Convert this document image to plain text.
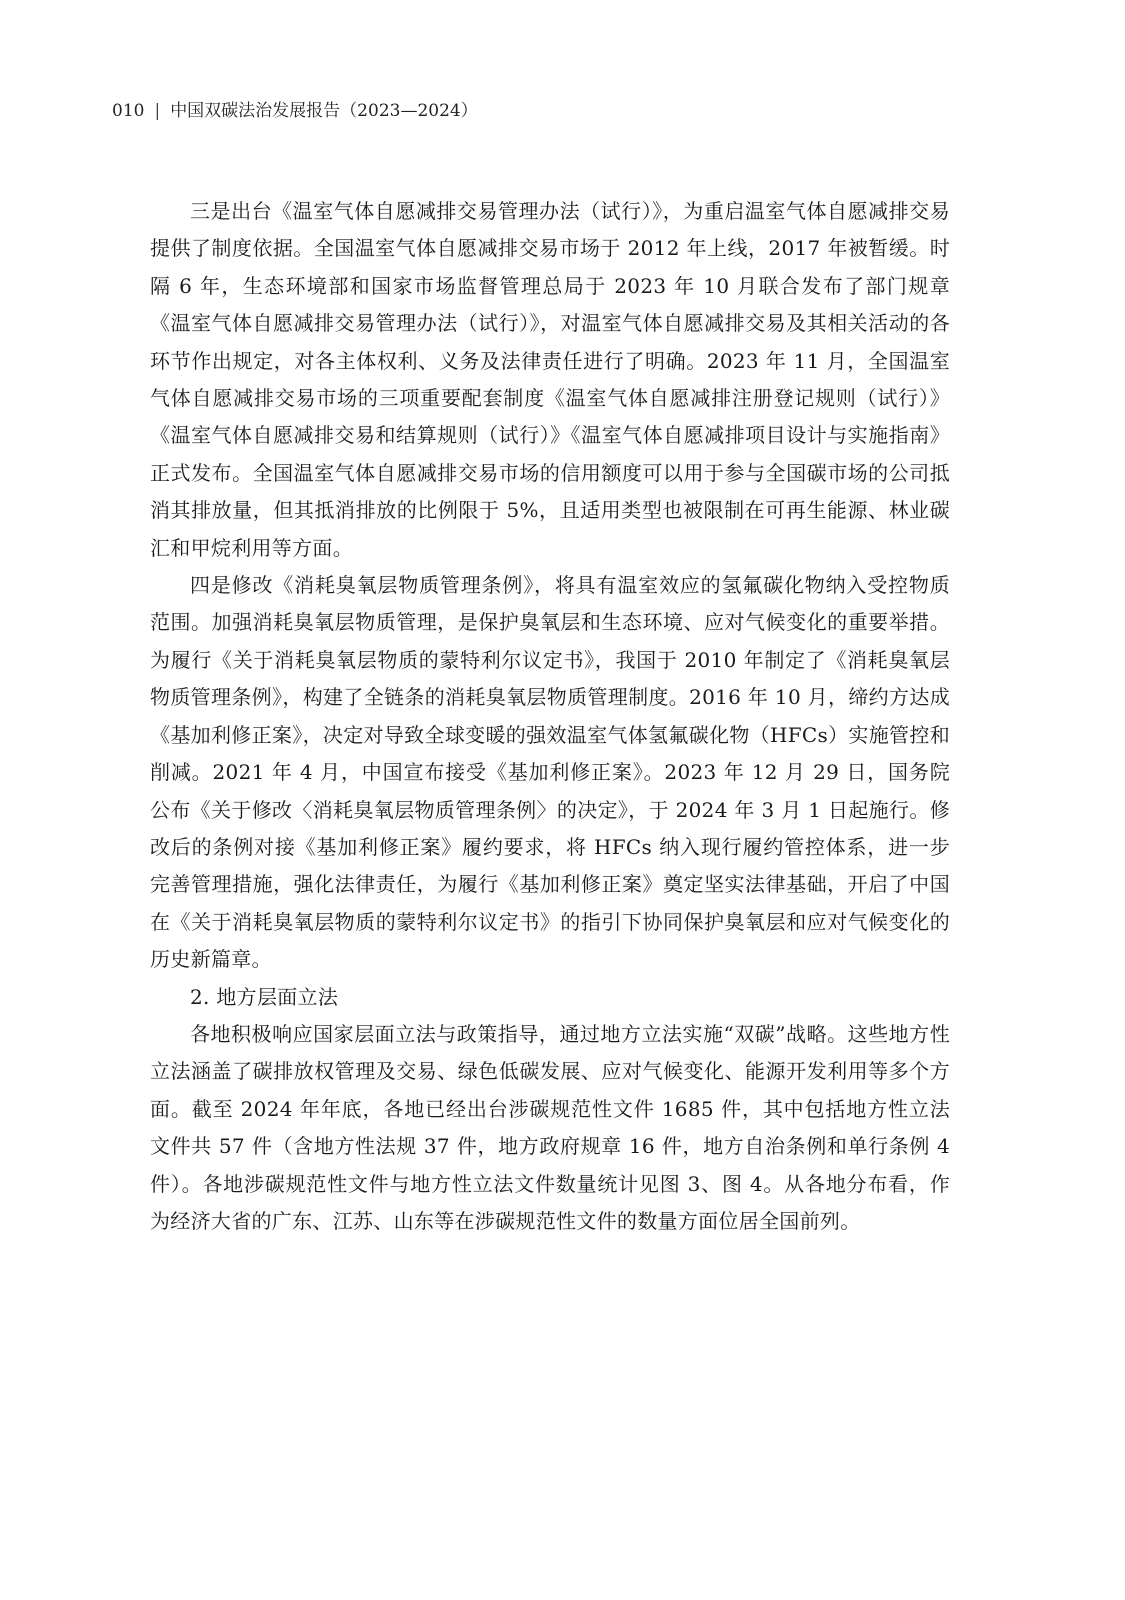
010 | 中国双碳法治发展报告（2023—2024）

三是出台《温室气体自愿减排交易管理办法（试行）》，为重启温室气体自愿减排交易提供了制度依据。全国温室气体自愿减排交易市场于 2012 年上线，2017 年被暂缓。时隔 6 年，生态环境部和国家市场监督管理总局于 2023 年 10 月联合发布了部门规章《温室气体自愿减排交易管理办法（试行）》，对温室气体自愿减排交易及其相关活动的各环节作出规定，对各主体权利、义务及法律责任进行了明确。2023 年 11 月，全国温室气体自愿减排交易市场的三项重要配套制度《温室气体自愿减排注册登记规则（试行）》《温室气体自愿减排交易和结算规则（试行）》《温室气体自愿减排项目设计与实施指南》正式发布。全国温室气体自愿减排交易市场的信用额度可以用于参与全国碳市场的公司抵消其排放量，但其抵消排放的比例限于 5%，且适用类型也被限制在可再生能源、林业碳汇和甲烷利用等方面。

四是修改《消耗臭氧层物质管理条例》，将具有温室效应的氢氟碳化物纳入受控物质范围。加强消耗臭氧层物质管理，是保护臭氧层和生态环境、应对气候变化的重要举措。为履行《关于消耗臭氧层物质的蒙特利尔议定书》，我国于 2010 年制定了《消耗臭氧层物质管理条例》，构建了全链条的消耗臭氧层物质管理制度。2016 年 10 月，缔约方达成《基加利修正案》，决定对导致全球变暖的强效温室气体氢氟碳化物（HFCs）实施管控和削减。2021 年 4 月，中国宣布接受《基加利修正案》。2023 年 12 月 29 日，国务院公布《关于修改〈消耗臭氧层物质管理条例〉的决定》，于 2024 年 3 月 1 日起施行。修改后的条例对接《基加利修正案》履约要求，将 HFCs 纳入现行履约管控体系，进一步完善管理措施，强化法律责任，为履行《基加利修正案》奠定坚实法律基础，开启了中国在《关于消耗臭氧层物质的蒙特利尔议定书》的指引下协同保护臭氧层和应对气候变化的历史新篇章。

2. 地方层面立法

各地积极响应国家层面立法与政策指导，通过地方立法实施“双碳”战略。这些地方性立法涵盖了碳排放权管理及交易、绿色低碳发展、应对气候变化、能源开发利用等多个方面。截至 2024 年年底，各地已经出台涉碳规范性文件 1685 件，其中包括地方性立法文件共 57 件（含地方性法规 37 件，地方政府规章 16 件，地方自治条例和单行条例 4 件）。各地涉碳规范性文件与地方性立法文件数量统计见图 3、图 4。从各地分布看，作为经济大省的广东、江苏、山东等在涉碳规范性文件的数量方面位居全国前列。
